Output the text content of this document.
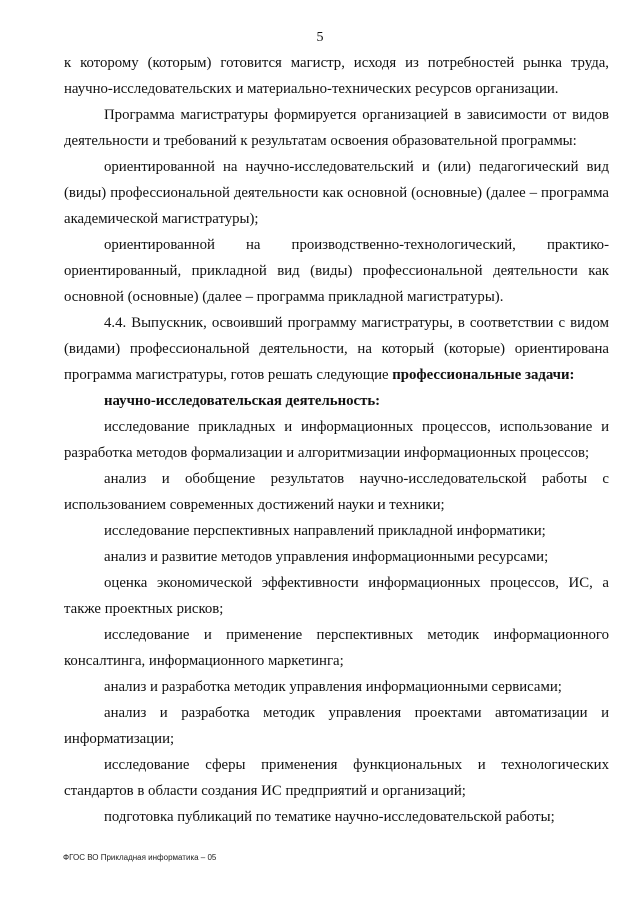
5

к которому (которым) готовится магистр, исходя из потребностей рынка труда, научно-исследовательских и материально-технических ресурсов организации.

Программа магистратуры формируется организацией в зависимости от видов деятельности и требований к результатам освоения образовательной программы:

ориентированной на научно-исследовательский и (или) педагогический вид (виды) профессиональной деятельности как основной (основные) (далее – программа академической магистратуры);

ориентированной на производственно-технологический, практико-ориентированный, прикладной вид (виды) профессиональной деятельности как основной (основные) (далее – программа прикладной магистратуры).

4.4. Выпускник, освоивший программу магистратуры, в соответствии с видом (видами) профессиональной деятельности, на который (которые) ориентирована программа магистратуры, готов решать следующие профессиональные задачи:

научно-исследовательская деятельность:

исследование прикладных и информационных процессов, использование и разработка методов формализации и алгоритмизации информационных процессов;

анализ и обобщение результатов научно-исследовательской работы с использованием современных достижений науки и техники;

исследование перспективных направлений прикладной информатики;

анализ и развитие методов управления информационными ресурсами;

оценка экономической эффективности информационных процессов, ИС, а также проектных рисков;

исследование и применение перспективных методик информационного консалтинга, информационного маркетинга;

анализ и разработка методик управления информационными сервисами;

анализ и разработка методик управления проектами автоматизации и информатизации;

исследование сферы применения функциональных и технологических стандартов в области создания ИС предприятий и организаций;

подготовка публикаций по тематике научно-исследовательской работы;

ФГОС ВО Прикладная информатика – 05
